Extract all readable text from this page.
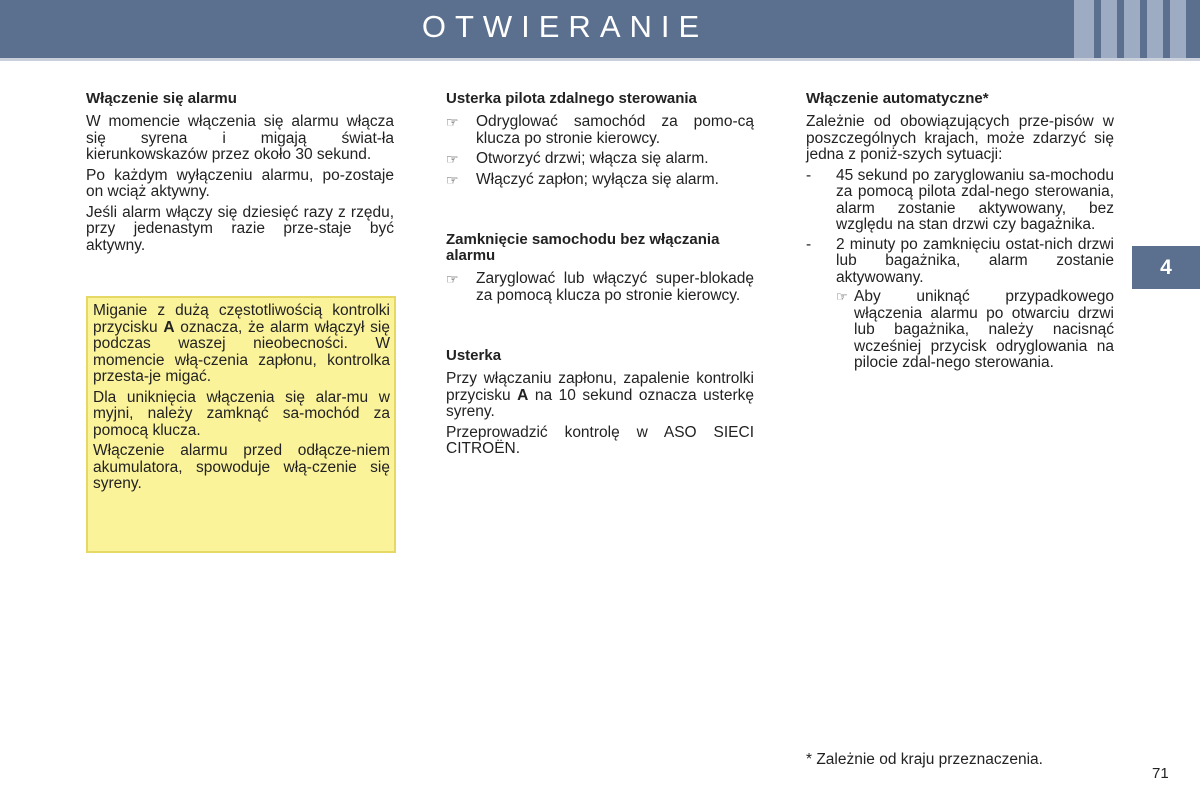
OTWIERANIE
4
Włączenie się alarmu

W momencie włączenia się alarmu włącza się syrena i migają świat-ła kierunkowskazów przez około 30 sekund.

Po każdym wyłączeniu alarmu, po-zostaje on wciąż aktywny.

Jeśli alarm włączy się dziesięć razy z rzędu, przy jedenastym razie prze-staje być aktywny.

Miganie z dużą częstotliwością kontrolki przycisku A oznacza, że alarm włączył się podczas waszej nieobecności. W momencie włą-czenia zapłonu, kontrolka przesta-je migać.

Dla uniknięcia włączenia się alar-mu w myjni, należy zamknąć sa-mochód za pomocą klucza.

Włączenie alarmu przed odłącze-niem akumulatora, spowoduje włą-czenie się syreny.

Usterka pilota zdalnego sterowania
☞	Odryglować samochód za pomo-cą klucza po stronie kierowcy.
☞	Otworzyć drzwi; włącza się alarm.
☞	Włączyć zapłon; wyłącza się alarm.
Zamknięcie samochodu bez włączania alarmu
☞	Zaryglować lub włączyć super-blokadę za pomocą klucza po stronie kierowcy.
Usterka

Przy włączaniu zapłonu, zapalenie kontrolki przycisku A na 10 sekund oznacza usterkę syreny.

Przeprowadzić kontrolę w ASO SIECI CITROËN.

Włączenie automatyczne*

Zależnie od obowiązujących prze-pisów w poszczególnych krajach, może zdarzyć się jedna z poniż-szych sytuacji:

-	45 sekund po zaryglowaniu sa-mochodu za pomocą pilota zdal-nego sterowania, alarm zostanie aktywowany, bez względu na stan drzwi czy bagażnika.
-	2 minuty po zamknięciu ostat-nich drzwi lub bagażnika, alarm zostanie aktywowany.
☞ Aby uniknąć przypadkowego włączenia alarmu po otwarciu drzwi lub bagażnika, należy nacisnąć wcześniej przycisk odryglowania na pilocie zdal-nego sterowania.
* Zależnie od kraju przeznaczenia.
71
